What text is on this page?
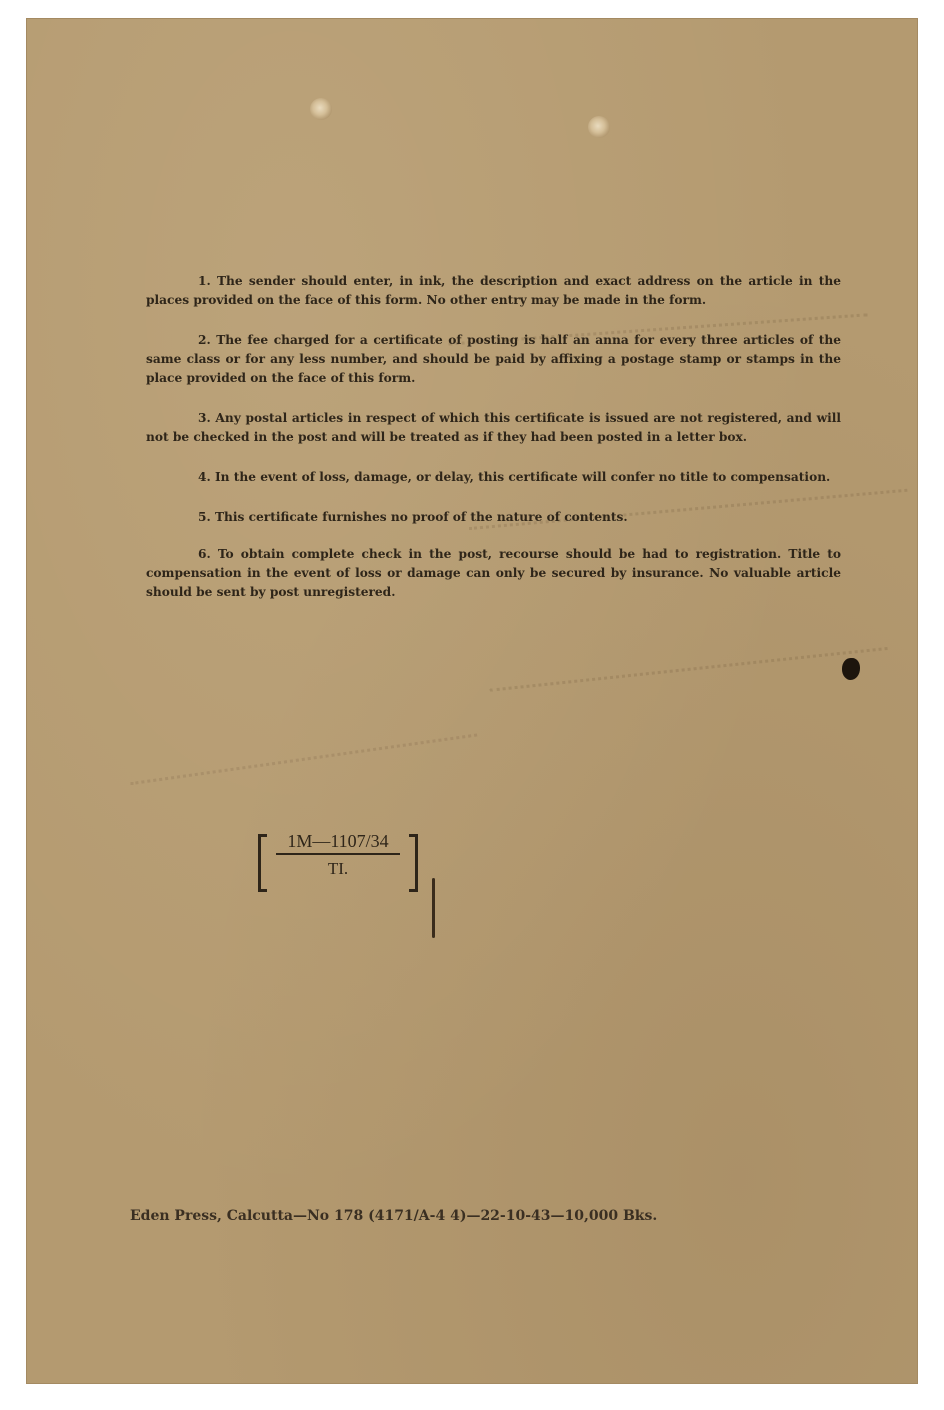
1. The sender should enter, in ink, the description and exact address on the article in the places provided on the face of this form. No other entry may be made in the form.

2. The fee charged for a certificate of posting is half an anna for every three articles of the same class or for any less number, and should be paid by affixing a postage stamp or stamps in the place provided on the face of this form.

3. Any postal articles in respect of which this certificate is issued are not registered, and will not be checked in the post and will be treated as if they had been posted in a letter box.

4. In the event of loss, damage, or delay, this certificate will confer no title to compensation.

5. This certificate furnishes no proof of the nature of contents.

6. To obtain complete check in the post, recourse should be had to registration. Title to compensation in the event of loss or damage can only be secured by insurance. No valuable article should be sent by post unregistered.

1M—1107/34
TI.
Eden Press, Calcutta—No 178 (4171/A-4 4)—22-10-43—10,000 Bks.
